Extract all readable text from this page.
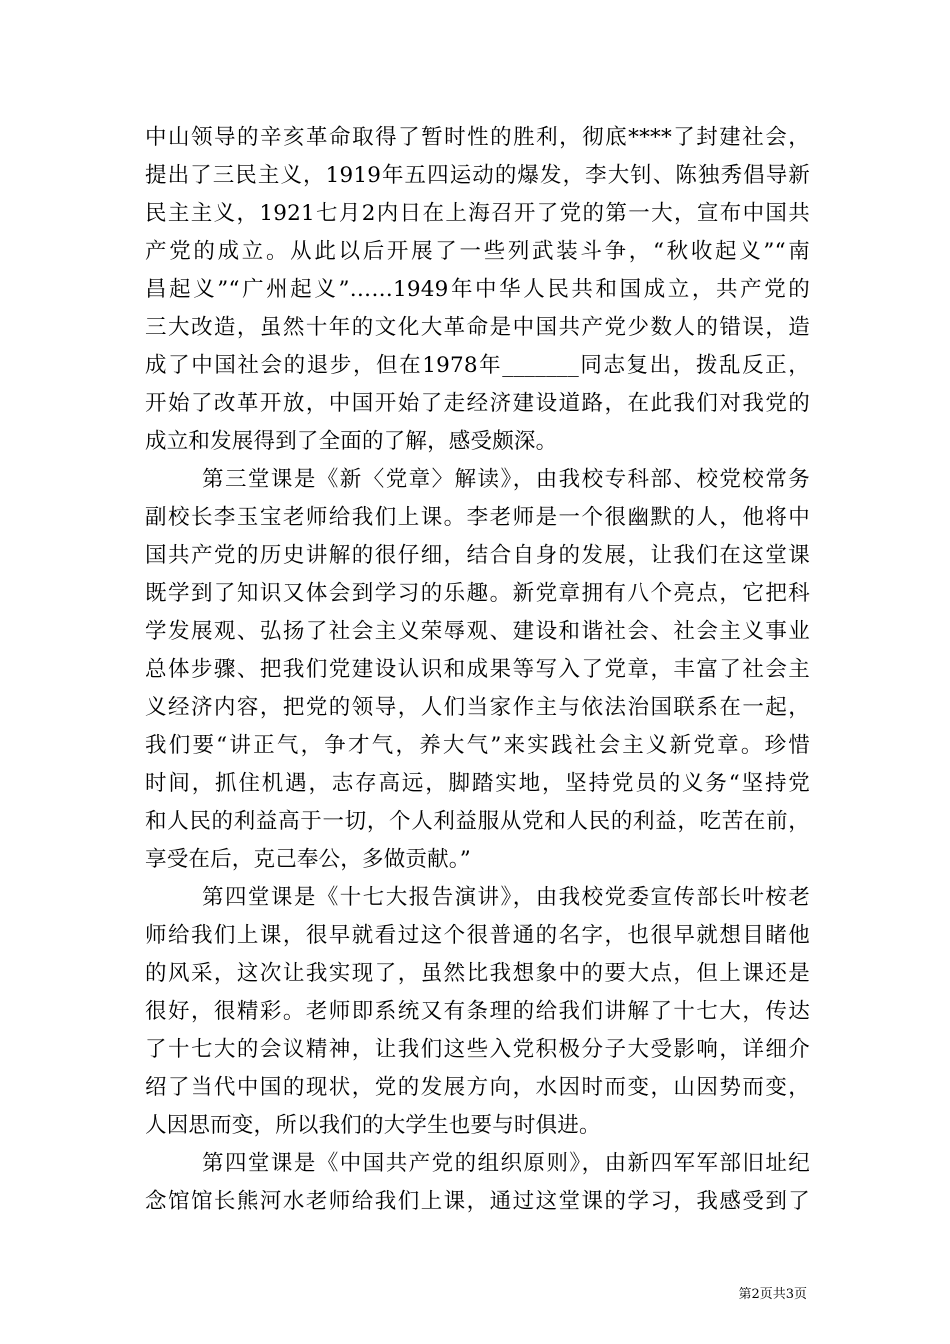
中山领导的辛亥革命取得了暂时性的胜利，彻底****了封建社会，
提出了三民主义，1919年五四运动的爆发，李大钊、陈独秀倡导新
民主主义，1921七月2内日在上海召开了党的第一大，宣布中国共
产党的成立。从此以后开展了一些列武装斗争，“秋收起义”“南
昌起义”“广州起义”……1949年中华人民共和国成立，共产党的
三大改造，虽然十年的文化大革命是中国共产党少数人的错误，造
成了中国社会的退步，但在1978年_______同志复出，拨乱反正，
开始了改革开放，中国开始了走经济建设道路，在此我们对我党的
成立和发展得到了全面的了解，感受颇深。
第三堂课是《新〈党章〉解读》，由我校专科部、校党校常务
副校长李玉宝老师给我们上课。李老师是一个很幽默的人，他将中
国共产党的历史讲解的很仔细，结合自身的发展，让我们在这堂课
既学到了知识又体会到学习的乐趣。新党章拥有八个亮点，它把科
学发展观、弘扬了社会主义荣辱观、建设和谐社会、社会主义事业
总体步骤、把我们党建设认识和成果等写入了党章，丰富了社会主
义经济内容，把党的领导，人们当家作主与依法治国联系在一起，
我们要“讲正气，争才气，养大气”来实践社会主义新党章。珍惜
时间，抓住机遇，志存高远，脚踏实地，坚持党员的义务“坚持党
和人民的利益高于一切，个人利益服从党和人民的利益，吃苦在前，
享受在后，克己奉公，多做贡献。”
第四堂课是《十七大报告演讲》，由我校党委宣传部长叶桉老
师给我们上课，很早就看过这个很普通的名字，也很早就想目睹他
的风采，这次让我实现了，虽然比我想象中的要大点，但上课还是
很好，很精彩。老师即系统又有条理的给我们讲解了十七大，传达
了十七大的会议精神，让我们这些入党积极分子大受影响，详细介
绍了当代中国的现状，党的发展方向，水因时而变，山因势而变，
人因思而变，所以我们的大学生也要与时俱进。
第四堂课是《中国共产党的组织原则》，由新四军军部旧址纪
念馆馆长熊河水老师给我们上课，通过这堂课的学习，我感受到了
第2页共3页
